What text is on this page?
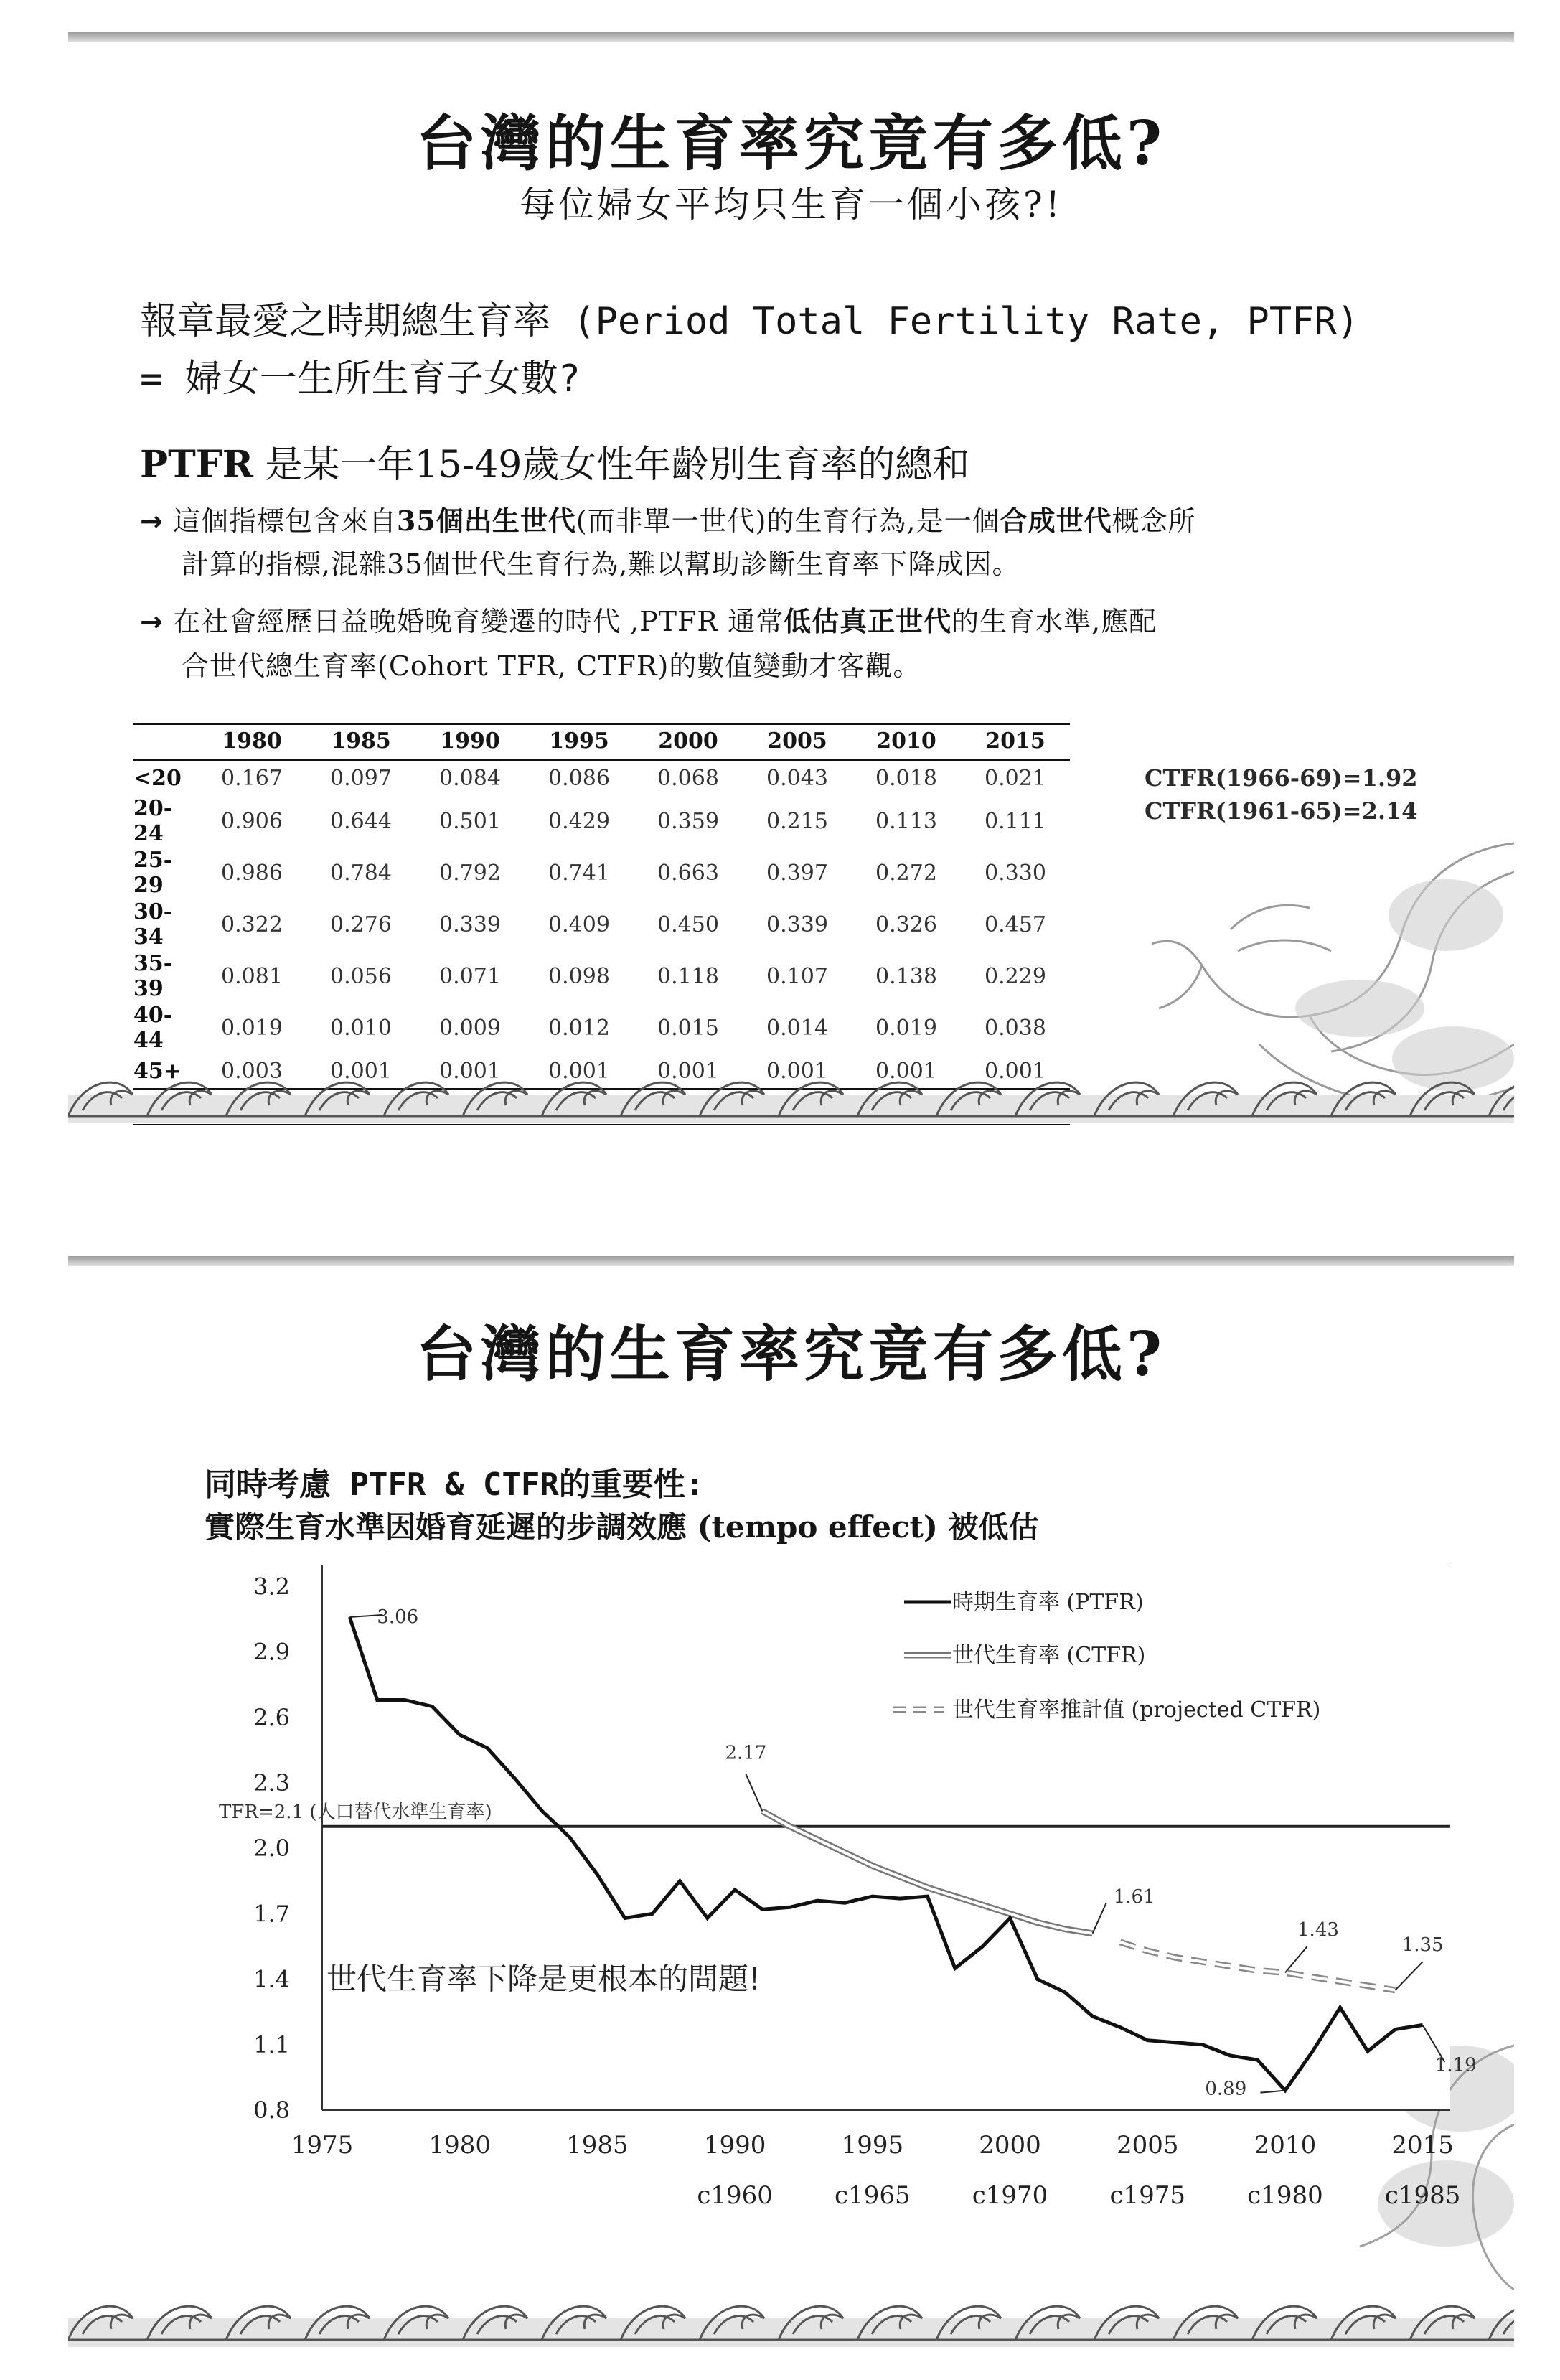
台灣的生育率究竟有多低?
每位婦女平均只生育一個小孩?!
報章最愛之時期總生育率 (Period Total Fertility Rate, PTFR)
= 婦女一生所生育子女數?
PTFR 是某一年15-49歲女性年齡別生育率的總和
→ 這個指標包含來自35個出生世代(而非單一世代)的生育行為,是一個合成世代概念所
計算的指標,混雜35個世代生育行為,難以幫助診斷生育率下降成因。
→ 在社會經歷日益晚婚晚育變遷的時代 ,PTFR 通常低估真正世代的生育水準,應配
合世代總生育率(Cohort TFR, CTFR)的數值變動才客觀。
	1980	1985	1990	1995	2000	2005	2010	2015
<20	0.167	0.097	0.084	0.086	0.068	0.043	0.018	0.021
20-24	0.906	0.644	0.501	0.429	0.359	0.215	0.113	0.111
25-29	0.986	0.784	0.792	0.741	0.663	0.397	0.272	0.330
30-34	0.322	0.276	0.339	0.409	0.450	0.339	0.326	0.457
35-39	0.081	0.056	0.071	0.098	0.118	0.107	0.138	0.229
40-44	0.019	0.010	0.009	0.012	0.015	0.014	0.019	0.038
45+	0.003	0.001	0.001	0.001	0.001	0.001	0.001	0.001

CTFR(1966-69)=1.92
CTFR(1961-65)=2.14
台灣的生育率究竟有多低?
同時考慮 PTFR & CTFR的重要性:
實際生育水準因婚育延遲的步調效應 (tempo effect) 被低估
3.2
2.9
2.6
2.3
2.0
1.7
1.4
1.1
0.8
1975	1980	1985	1990	1995	2000	2005	2010	2015
c1960	c1965	c1970	c1975	c1980	c1985
TFR=2.1 (人口替代水準生育率)
3.06
2.17
1.61
1.43
1.35
1.19
0.89
時期生育率 (PTFR)
世代生育率 (CTFR)
世代生育率推計值 (projected CTFR)
世代生育率下降是更根本的問題!
